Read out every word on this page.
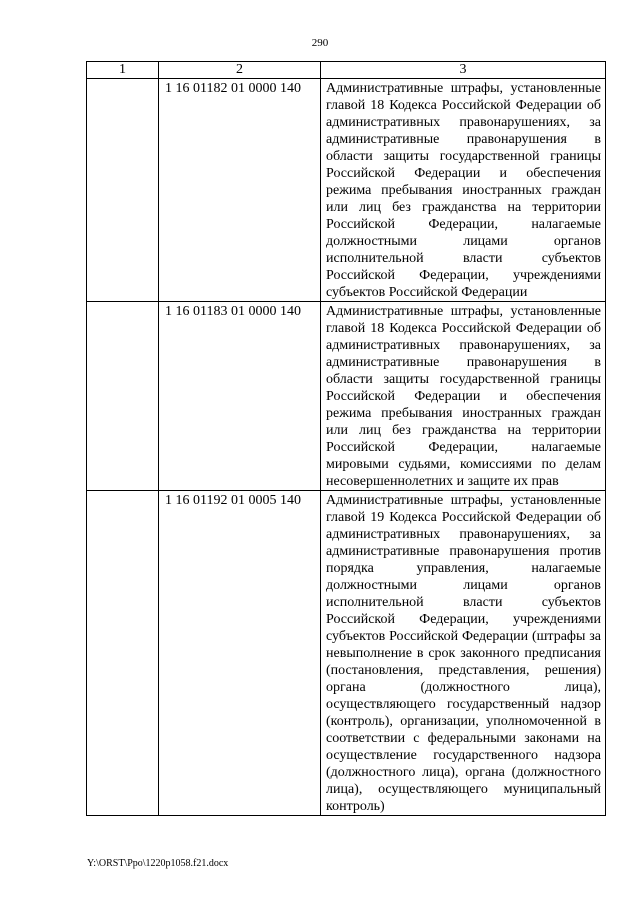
290
1	2	3
	1 16 01182 01 0000 140	Административные штрафы, установленные главой 18 Кодекса Российской Федерации об административных правонарушениях, за административные правонарушения в области защиты государственной границы Российской Федерации и обеспечения режима пребывания иностранных граждан или лиц без гражданства на территории Российской Федерации, налагаемые должностными лицами органов исполнительной власти субъектов Российской Федерации, учреждениями субъектов Российской Федерации
	1 16 01183 01 0000 140	Административные штрафы, установленные главой 18 Кодекса Российской Федерации об административных правонарушениях, за административные правонарушения в области защиты государственной границы Российской Федерации и обеспечения режима пребывания иностранных граждан или лиц без гражданства на территории Российской Федерации, налагаемые мировыми судьями, комиссиями по делам несовершеннолетних и защите их прав
	1 16 01192 01 0005 140	Административные штрафы, установленные главой 19 Кодекса Российской Федерации об административных правонарушениях, за административные правонарушения против порядка управления, налагаемые должностными лицами органов исполнительной власти субъектов Российской Федерации, учреждениями субъектов Российской Федерации (штрафы за невыполнение в срок законного предписания (постановления, представления, решения) органа (должностного лица), осуществляющего государственный надзор (контроль), организации, уполномоченной в соответствии с федеральными законами на осуществление государственного надзора (должностного лица), органа (должностного лица), осуществляющего муниципальный контроль)
Y:\ORST\Ppo\1220p1058.f21.docx
